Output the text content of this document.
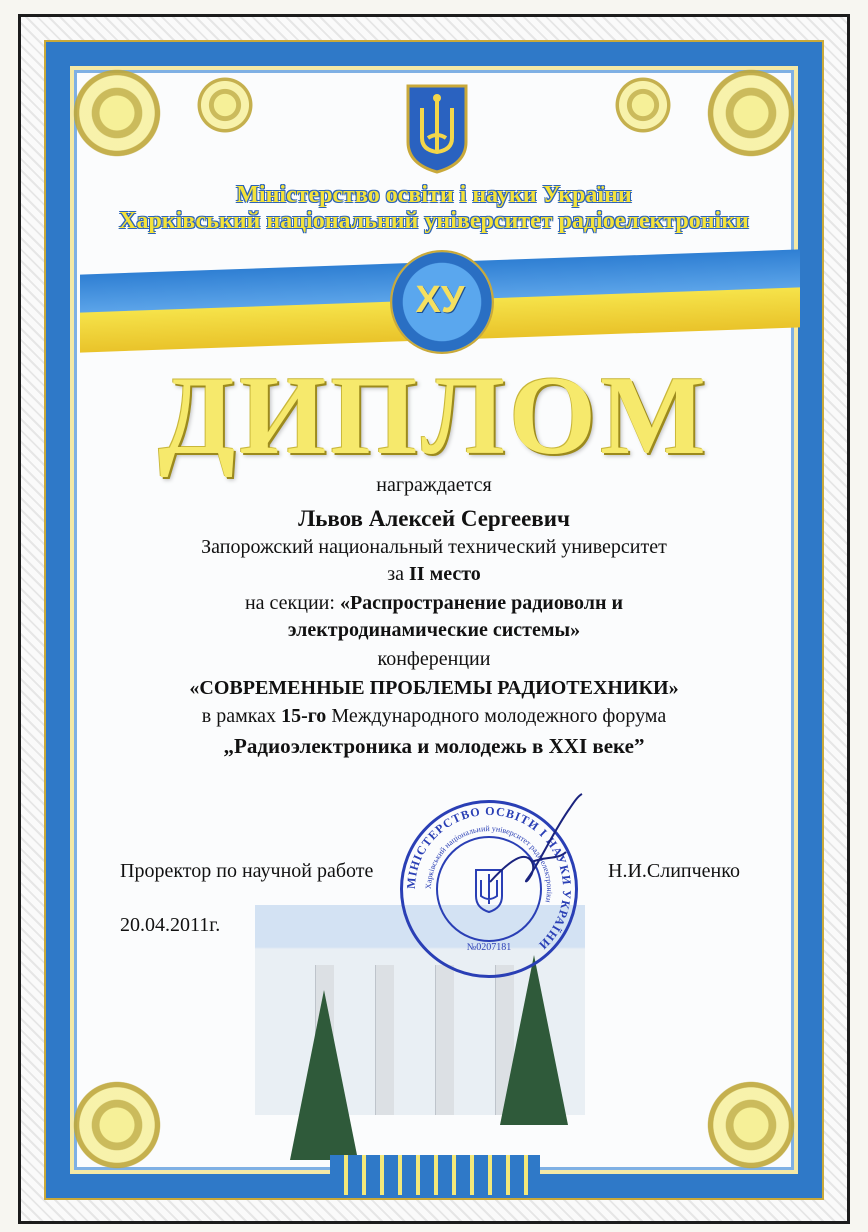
Міністерство освіти і науки України
Харківський національний університет радіоелектроніки
ХУ
ДИПЛОМ
награждается
Львов Алексей Сергеевич
Запорожский национальный технический университет
за II место
на секции: «Распространение радиоволн и
электродинамические системы»
конференции
«СОВРЕМЕННЫЕ ПРОБЛЕМЫ РАДИОТЕХНИКИ»
в рамках 15-го Международного молодежного форума
„Радиоэлектроника и молодежь в XXI веке”
МІНІСТЕРСТВО ОСВІТИ І НАУКИ УКРАЇНИ
Харківський національний університет радіоелектроніки
№0207181
Проректор по научной работе	Н.И.Слипченко
20.04.2011г.
